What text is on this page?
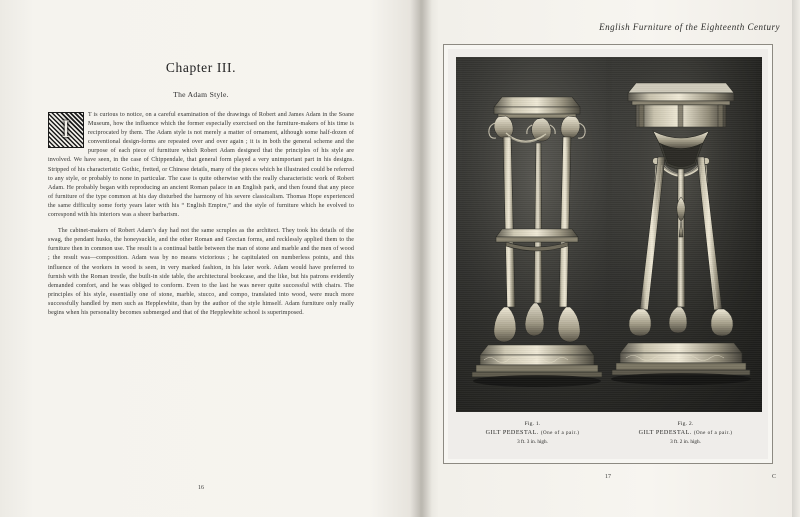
Chapter III.
The Adam Style.
I
T is curious to notice, on a careful examination of the drawings of Robert and James Adam in the Soane Museum, how the influence which the former especially exercised on the furniture-makers of his time is reciprocated by them. The Adam style is not merely a matter of ornament, although some half-dozen of conventional design-forms are repeated over and over again ; it is in both the general scheme and the purpose of each piece of furniture which Robert Adam designed that the principles of his style are involved. We have seen, in the case of Chippendale, that general form played a very unimportant part in his designs. Stripped of his characteristic Gothic, fretted, or Chinese details, many of the pieces which he illustrated could be referred to any style, or probably to none in particular. The case is quite otherwise with the really characteristic work of Robert Adam. He probably began with reproducing an ancient Roman palace in an English park, and then found that any piece of furniture of the type common at his day disturbed the harmony of his severe classicalism. Thomas Hope experienced the same difficulty some forty years later with his “ English Empire,” and the style of furniture which he evolved to correspond with his interiors was a sheer barbarism.
The cabinet-makers of Robert Adam’s day had not the same scruples as the architect. They took his details of the swag, the pendant husks, the honeysuckle, and the other Roman and Grecian forms, and recklessly applied them to the furniture then in common use. The result is a continual battle between the man of stone and marble and the men of wood ; the result was—composition. Adam was by no means victorious ; he capitulated on numberless points, and this influence of the workers in wood is seen, in very marked fashion, in his later work. Adam would have preferred to furnish with the Roman trestle, the built-in side table, the architectural bookcase, and the like, but his patrons evidently demanded comfort, and he was obliged to conform. Even to the last he was never quite successful with chairs. The principles of his style, essentially one of stone, marble, stucco, and compo, translated into wood, were much more successfully handled by men such as Hepplewhite, than by the author of the style himself. Adam furniture only really begins when his personality becomes submerged and that of the Hepplewhite school is superimposed.
16
English Furniture of the Eighteenth Century
Fig. 1.
GILT PEDESTAL. (One of a pair.)
3 ft. 3 in. high.
Fig. 2.
GILT PEDESTAL. (One of a pair.)
3 ft. 2 in. high.
17	C
